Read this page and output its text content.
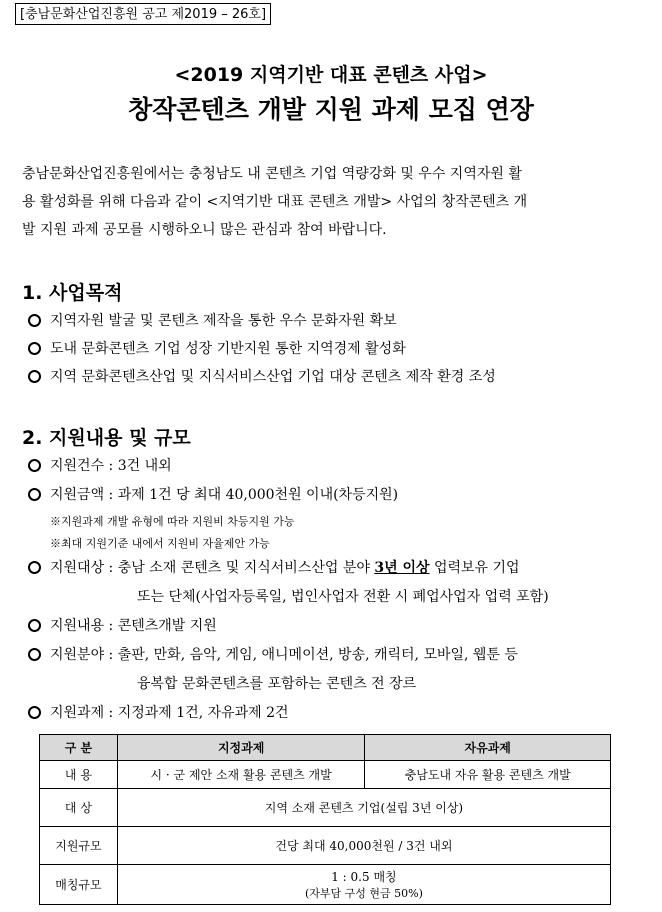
[충남문화산업진흥원 공고 제2019 – 26호]
<2019 지역기반 대표 콘텐츠 사업>
창작콘텐츠 개발 지원 과제 모집 연장
충남문화산업진흥원에서는 충청남도 내 콘텐츠 기업 역량강화 및 우수 지역자원 활
용 활성화를 위해 다음과 같이 <지역기반 대표 콘텐츠 개발> 사업의 창작콘텐츠 개
발 지원 과제 공모를 시행하오니 많은 관심과 참여 바랍니다.
1. 사업목적
지역자원 발굴 및 콘텐츠 제작을 통한 우수 문화자원 확보
도내 문화콘텐츠 기업 성장 기반지원 통한 지역경제 활성화
지역 문화콘텐츠산업 및 지식서비스산업 기업 대상 콘텐츠 제작 환경 조성
2. 지원내용 및 규모
지원건수 : 3건 내외
지원금액 : 과제 1건 당 최대 40,000천원 이내(차등지원)
※지원과제 개발 유형에 따라 지원비 차등지원 가능
※최대 지원기준 내에서 지원비 자율제안 가능
지원대상 : 충남 소재 콘텐츠 및 지식서비스산업 분야 3년 이상 업력보유 기업
또는 단체(사업자등록일, 법인사업자 전환 시 폐업사업자 업력 포함)
지원내용 : 콘텐츠개발 지원
지원분야 : 출판, 만화, 음악, 게임, 애니메이션, 방송, 캐릭터, 모바일, 웹툰 등
융복합 문화콘텐츠를 포함하는 콘텐츠 전 장르
지원과제 : 지정과제 1건, 자유과제 2건
구 분	지정과제	자유과제
내 용	시 · 군 제안 소재 활용 콘텐츠 개발	충남도내 자유 활용 콘텐츠 개발
대 상	지역 소재 콘텐츠 기업(설립 3년 이상)	
지원규모	건당 최대 40,000천원 / 3건 내외	
매칭규모	1 : 0.5 매칭
(자부담 구성 현금 50%)	
